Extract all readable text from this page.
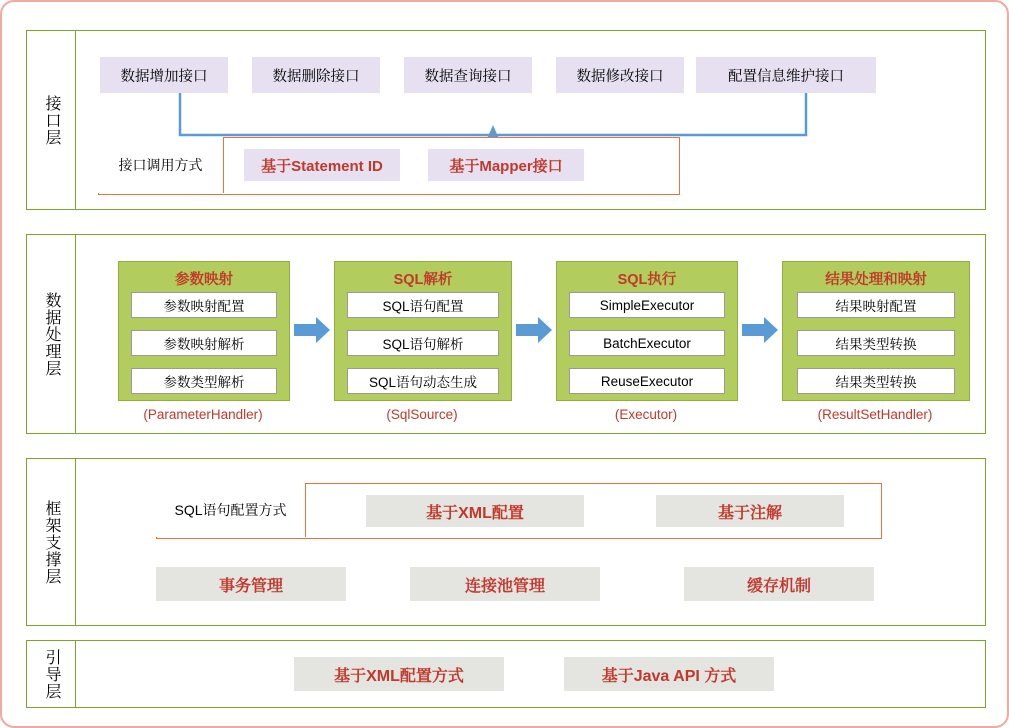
接口层
数据增加接口	数据删除接口	数据查询接口	数据修改接口	配置信息维护接口
接口调用方式	基于Statement ID	基于Mapper接口
数据处理层
参数映射
参数映射配置
参数映射解析
参数类型解析
(ParameterHandler)
SQL解析
SQL语句配置
SQL语句解析
SQL语句动态生成
(SqlSource)
SQL执行
SimpleExecutor
BatchExecutor
ReuseExecutor
(Executor)
结果处理和映射
结果映射配置
结果类型转换
结果类型转换
(ResultSetHandler)
框架支撑层	SQL语句配置方式	基于XML配置	基于注解
事务管理	连接池管理	缓存机制
引导层	基于XML配置方式	基于Java API 方式
